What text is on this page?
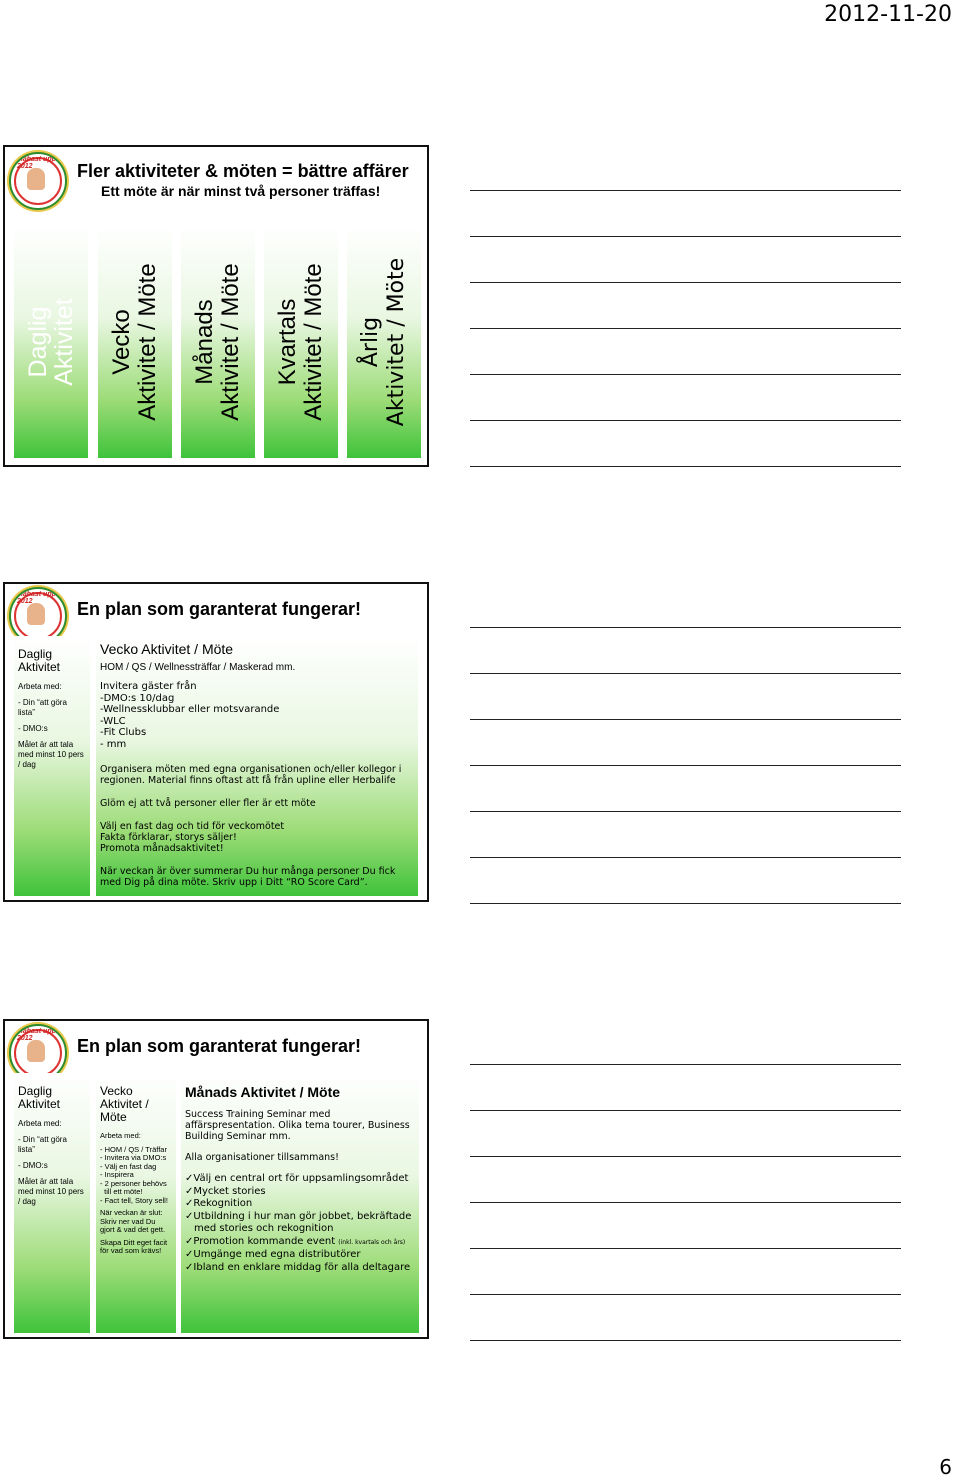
2012-11-20
Måhast upp 2012	Fler aktiviteter & möten = bättre affärer
Ett möte är när minst två personer träffas!
Daglig
Aktivitet Vecko Aktivitet / Möte Månads Aktivitet / Möte Kvartals Aktivitet / Möte Årlig Aktivitet / Möte
Måhast upp 2012	En plan som garanterat fungerar!

Daglig

Aktivitet

Arbeta med:

- Din “att göra lista”

- DMO:s

Målet är att tala med minst 10 pers / dag

Vecko Aktivitet / Möte

HOM / QS / Wellnessträffar / Maskerad mm.

Invitera gäster från

-DMO:s 10/dag

-Wellnessklubbar eller motsvarande

-WLC

-Fit Clubs

- mm

Organisera möten med egna organisationen och/eller kollegor i regionen. Material finns oftast att få från upline eller Herbalife

Glöm ej att två personer eller fler är ett möte

Välj en fast dag och tid för veckomötet

Fakta förklarar, storys säljer!

Promota månadsaktivitet!

När veckan är över summerar Du hur många personer Du fick med Dig på dina möte. Skriv upp i Ditt “RO Score Card”.

Måhast upp 2012	En plan som garanterat fungerar!

Daglig

Aktivitet

Arbeta med:

- Din “att göra lista”

- DMO:s

Målet är att tala med minst 10 pers / dag

Vecko

Aktivitet / Möte

Arbeta med:

- HOM / QS / Träffar

- Invitera via DMO:s

- Välj en fast dag

- Inspirera

- 2 personer behövs

till ett möte!

- Fact tell, Story sell!

När veckan är slut: Skriv ner vad Du gjort & vad det gett.

Skapa Ditt eget facit för vad som krävs!

Månads Aktivitet / Möte

Success Training Seminar med affärspresentation. Olika tema tourer, Business Building Seminar mm.

Alla organisationer tillsammans!

✓Välj en central ort för uppsamlingsområdet

✓Mycket stories

✓Rekognition

✓Utbildning i hur man gör jobbet, bekräftade med stories och rekognition

✓Promotion kommande event (inkl. kvartals och års)

✓Umgänge med egna distributörer

✓Ibland en enklare middag för alla deltagare

6
